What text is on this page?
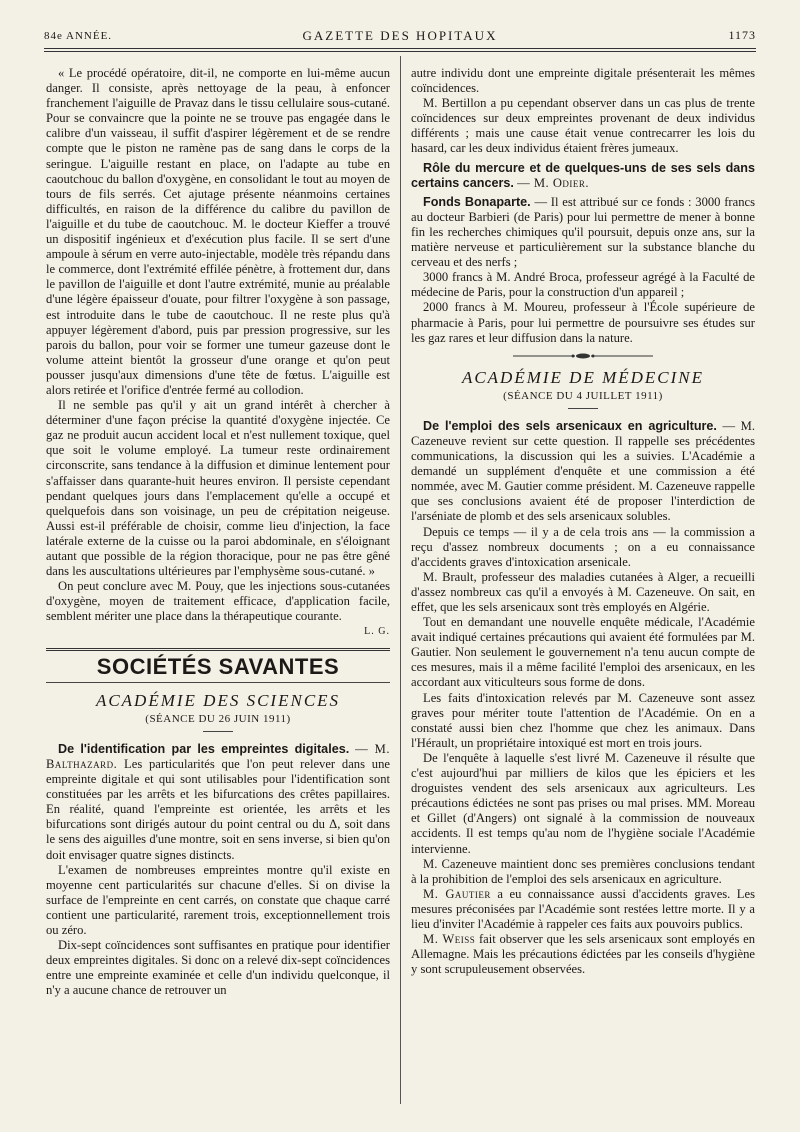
84e ANNÉE.	GAZETTE DES HOPITAUX	1173

« Le procédé opératoire, dit-il, ne comporte en lui-même aucun danger. Il consiste, après nettoyage de la peau, à enfoncer franchement l'aiguille de Pravaz dans le tissu cellulaire sous-cutané. Pour se convaincre que la pointe ne se trouve pas engagée dans le calibre d'un vaisseau, il suffit d'aspirer légèrement et de se rendre compte que le piston ne ramène pas de sang dans le corps de la seringue. L'aiguille restant en place, on l'adapte au tube en caoutchouc du ballon d'oxygène, en consolidant le tout au moyen de tours de fils serrés. Cet ajutage présente néanmoins certaines difficultés, en raison de la différence du calibre du pavillon de l'aiguille et du tube de caoutchouc. M. le docteur Kieffer a trouvé un dispositif ingénieux et d'exécution plus facile. Il se sert d'une ampoule à sérum en verre auto-injectable, modèle très répandu dans le commerce, dont l'extrémité effilée pénètre, à frottement dur, dans le pavillon de l'aiguille et dont l'autre extrémité, munie au préalable d'une légère épaisseur d'ouate, pour filtrer l'oxygène à son passage, est introduite dans le tube de caoutchouc. Il ne reste plus qu'à appuyer légèrement d'abord, puis par pression progressive, sur les parois du ballon, pour voir se former une tumeur gazeuse dont le volume atteint bientôt la grosseur d'une orange et qu'on peut pousser jusqu'aux dimensions d'une tête de fœtus. L'aiguille est alors retirée et l'orifice d'entrée fermé au collodion.

Il ne semble pas qu'il y ait un grand intérêt à chercher à déterminer d'une façon précise la quantité d'oxygène injectée. Ce gaz ne produit aucun accident local et n'est nullement toxique, quel que soit le volume employé. La tumeur reste ordinairement circonscrite, sans tendance à la diffusion et diminue lentement pour s'affaisser dans quarante-huit heures environ. Il persiste cependant pendant quelques jours dans l'emplacement qu'elle a occupé et quelquefois dans son voisinage, un peu de crépitation neigeuse. Aussi est-il préférable de choisir, comme lieu d'injection, la face latérale externe de la cuisse ou la paroi abdominale, en s'éloignant autant que possible de la région thoracique, pour ne pas être gêné dans les auscultations ultérieures par l'emphysème sous-cutané. »

On peut conclure avec M. Pouy, que les injections sous-cutanées d'oxygène, moyen de traitement efficace, d'application facile, semblent mériter une place dans la thérapeutique courante.

L. G.
SOCIÉTÉS SAVANTES
ACADÉMIE DES SCIENCES
(SÉANCE DU 26 JUIN 1911)

De l'identification par les empreintes digitales. — M. Balthazard. Les particularités que l'on peut relever dans une empreinte digitale et qui sont utilisables pour l'identification sont constituées par les arrêts et les bifurcations des crêtes papillaires. En réalité, quand l'empreinte est orientée, les arrêts et les bifurcations sont dirigés autour du point central ou du Δ, soit dans le sens des aiguilles d'une montre, soit en sens inverse, si bien qu'on doit envisager quatre signes distincts.

L'examen de nombreuses empreintes montre qu'il existe en moyenne cent particularités sur chacune d'elles. Si on divise la surface de l'empreinte en cent carrés, on constate que chaque carré contient une particularité, rarement trois, exceptionnellement trois ou zéro.

Dix-sept coïncidences sont suffisantes en pratique pour identifier deux empreintes digitales. Si donc on a relevé dix-sept coïncidences entre une empreinte examinée et celle d'un individu quelconque, il n'y a aucune chance de retrouver un

autre individu dont une empreinte digitale présenterait les mêmes coïncidences.

M. Bertillon a pu cependant observer dans un cas plus de trente coïncidences sur deux empreintes provenant de deux individus différents ; mais une cause était venue contrecarrer les lois du hasard, car les deux individus étaient frères jumeaux.

Rôle du mercure et de quelques-uns de ses sels dans certains cancers. — M. Odier.

Fonds Bonaparte. — Il est attribué sur ce fonds : 3000 francs au docteur Barbieri (de Paris) pour lui permettre de mener à bonne fin les recherches chimiques qu'il poursuit, depuis onze ans, sur la matière nerveuse et particulièrement sur la substance blanche du cerveau et des nerfs ;

3000 francs à M. André Broca, professeur agrégé à la Faculté de médecine de Paris, pour la construction d'un appareil ;

2000 francs à M. Moureu, professeur à l'École supérieure de pharmacie à Paris, pour lui permettre de poursuivre ses études sur les gaz rares et leur diffusion dans la nature.

ACADÉMIE DE MÉDECINE
(SÉANCE DU 4 JUILLET 1911)

De l'emploi des sels arsenicaux en agriculture. — M. Cazeneuve revient sur cette question. Il rappelle ses précédentes communications, la discussion qui les a suivies. L'Académie a demandé un supplément d'enquête et une commission a été nommée, avec M. Gautier comme président. M. Cazeneuve rappelle que ses conclusions avaient été de proposer l'interdiction de l'arséniate de plomb et des sels arsenicaux solubles.

Depuis ce temps — il y a de cela trois ans — la commission a reçu d'assez nombreux documents ; on a eu connaissance d'accidents graves d'intoxication arsenicale.

M. Brault, professeur des maladies cutanées à Alger, a recueilli d'assez nombreux cas qu'il a envoyés à M. Cazeneuve. On sait, en effet, que les sels arsenicaux sont très employés en Algérie.

Tout en demandant une nouvelle enquête médicale, l'Académie avait indiqué certaines précautions qui avaient été formulées par M. Gautier. Non seulement le gouvernement n'a tenu aucun compte de ces mesures, mais il a même facilité l'emploi des arsenicaux, en les accordant aux viticulteurs sous forme de dons.

Les faits d'intoxication relevés par M. Cazeneuve sont assez graves pour mériter toute l'attention de l'Académie. On en a constaté aussi bien chez l'homme que chez les animaux. Dans l'Hérault, un propriétaire intoxiqué est mort en trois jours.

De l'enquête à laquelle s'est livré M. Cazeneuve il résulte que c'est aujourd'hui par milliers de kilos que les épiciers et les droguistes vendent des sels arsenicaux aux agriculteurs. Les précautions édictées ne sont pas prises ou mal prises. MM. Moreau et Gillet (d'Angers) ont signalé à la commission de nouveaux accidents. Il est temps qu'au nom de l'hygiène sociale l'Académie intervienne.

M. Cazeneuve maintient donc ses premières conclusions tendant à la prohibition de l'emploi des sels arsenicaux en agriculture.

M. Gautier a eu connaissance aussi d'accidents graves. Les mesures préconisées par l'Académie sont restées lettre morte. Il y a lieu d'inviter l'Académie à rappeler ces faits aux pouvoirs publics.

M. Weiss fait observer que les sels arsenicaux sont employés en Allemagne. Mais les précautions édictées par les conseils d'hygiène y sont scrupuleusement observées.
